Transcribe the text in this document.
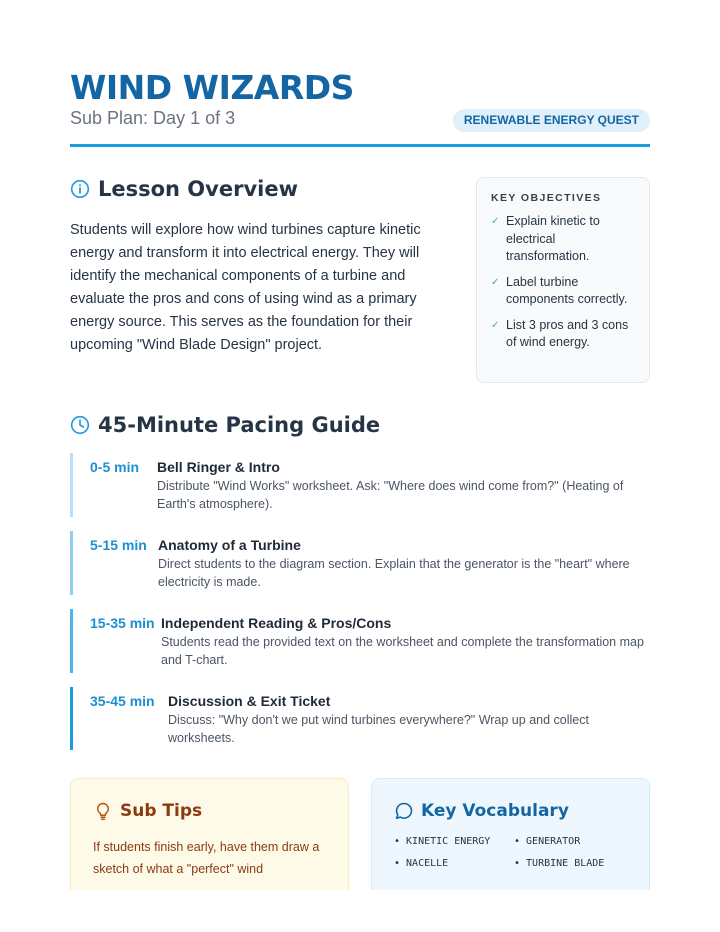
WIND WIZARDS
Sub Plan: Day 1 of 3	RENEWABLE ENERGY QUEST
Lesson Overview

Students will explore how wind turbines capture kinetic energy and transform it into electrical energy. They will identify the mechanical components of a turbine and evaluate the pros and cons of using wind as a primary energy source. This serves as the foundation for their upcoming "Wind Blade Design" project.

KEY OBJECTIVES
✓ Explain kinetic to electrical transformation.
✓ Label turbine components correctly.
✓ List 3 pros and 3 cons of wind energy.
45-Minute Pacing Guide
0-5 min	Bell Ringer & Intro
Distribute "Wind Works" worksheet. Ask: "Where does wind come from?" (Heating of Earth's atmosphere).
5-15 min Anatomy of a Turbine
Direct students to the diagram section. Explain that the generator is the "heart" where electricity is made.
15-35 min Independent Reading & Pros/Cons
Students read the provided text on the worksheet and complete the transformation map and T-chart.
35-45 min Discussion & Exit Ticket
Discuss: "Why don't we put wind turbines everywhere?" Wrap up and collect worksheets.
Sub Tips

If students finish early, have them draw a sketch of what a "perfect" wind

Key Vocabulary
• KINETIC ENERGY	• GENERATOR
• NACELLE	• TURBINE BLADE
